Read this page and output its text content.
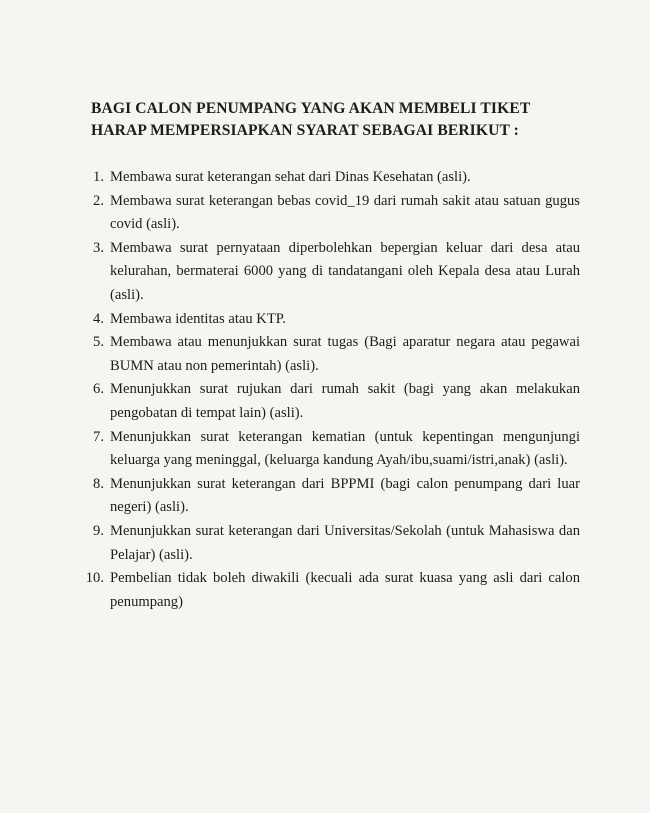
BAGI CALON PENUMPANG YANG AKAN MEMBELI TIKET
HARAP MEMPERSIAPKAN SYARAT SEBAGAI BERIKUT :
1. Membawa surat keterangan sehat dari Dinas Kesehatan (asli).
2. Membawa surat keterangan bebas covid_19 dari rumah sakit atau satuan gugus covid (asli).
3. Membawa surat pernyataan diperbolehkan bepergian keluar dari desa atau kelurahan, bermaterai 6000 yang di tandatangani oleh Kepala desa atau Lurah (asli).
4. Membawa identitas atau KTP.
5. Membawa atau menunjukkan surat tugas (Bagi aparatur negara atau pegawai BUMN atau non pemerintah) (asli).
6. Menunjukkan surat rujukan dari rumah sakit (bagi yang akan melakukan pengobatan di tempat lain) (asli).
7. Menunjukkan surat keterangan kematian (untuk kepentingan mengunjungi keluarga yang meninggal, (keluarga kandung Ayah/ibu,suami/istri,anak) (asli).
8. Menunjukkan surat keterangan dari BPPMI (bagi calon penumpang dari luar negeri) (asli).
9. Menunjukkan surat keterangan dari Universitas/Sekolah (untuk Mahasiswa dan Pelajar) (asli).
10. Pembelian tidak boleh diwakili (kecuali ada surat kuasa yang asli dari calon penumpang)
